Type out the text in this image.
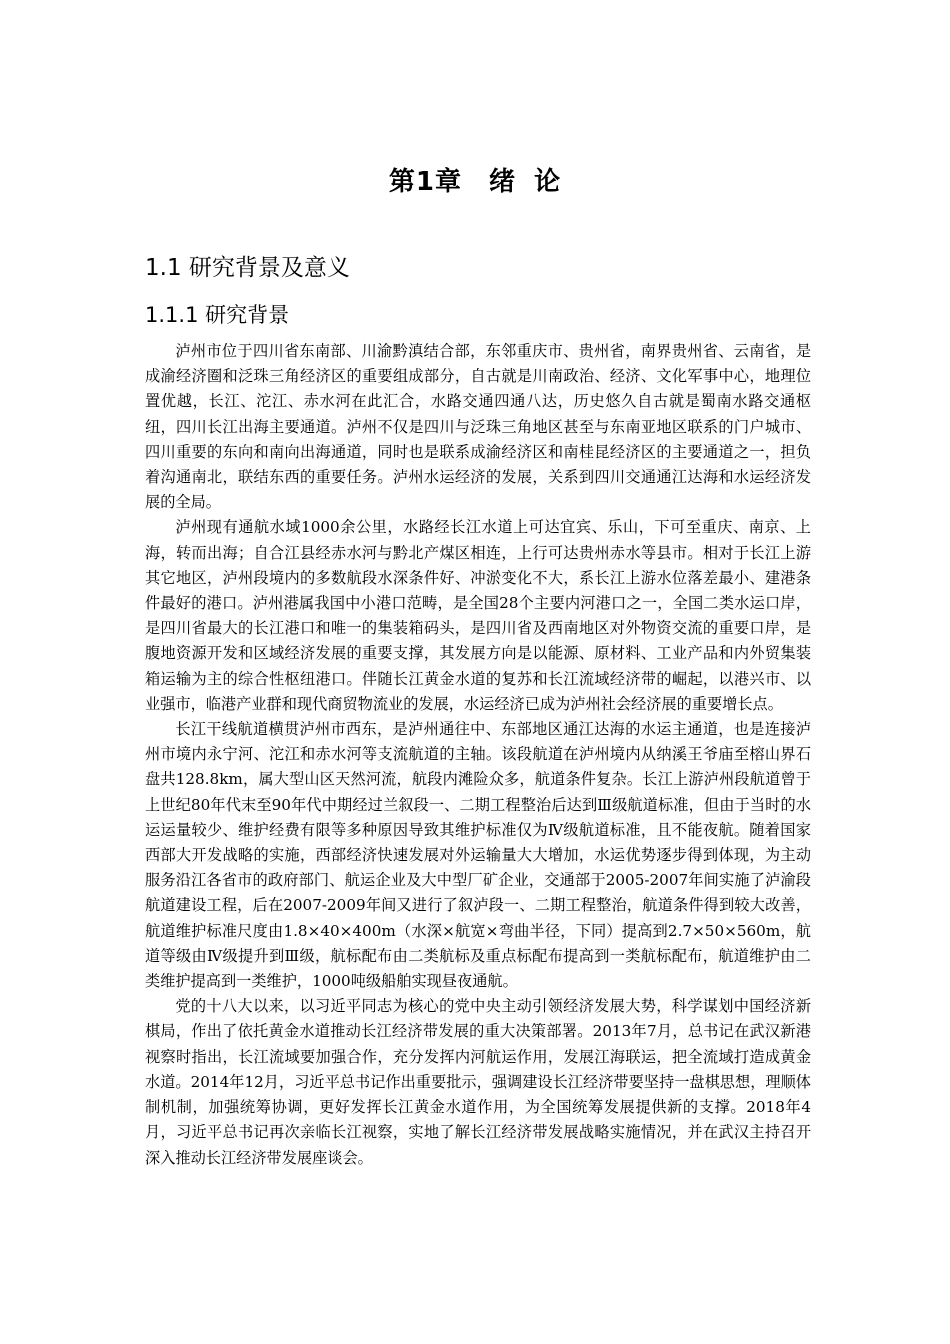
第1章　绪 论
1.1 研究背景及意义
1.1.1 研究背景

泸州市位于四川省东南部、川渝黔滇结合部，东邻重庆市、贵州省，南界贵州省、云南省，是成渝经济圈和泛珠三角经济区的重要组成部分，自古就是川南政治、经济、文化军事中心，地理位置优越，长江、沱江、赤水河在此汇合，水路交通四通八达，历史悠久自古就是蜀南水路交通枢纽，四川长江出海主要通道。泸州不仅是四川与泛珠三角地区甚至与东南亚地区联系的门户城市、四川重要的东向和南向出海通道，同时也是联系成渝经济区和南桂昆经济区的主要通道之一，担负着沟通南北，联结东西的重要任务。泸州水运经济的发展，关系到四川交通通江达海和水运经济发展的全局。

泸州现有通航水域1000余公里，水路经长江水道上可达宜宾、乐山，下可至重庆、南京、上海，转而出海；自合江县经赤水河与黔北产煤区相连，上行可达贵州赤水等县市。相对于长江上游其它地区，泸州段境内的多数航段水深条件好、冲淤变化不大，系长江上游水位落差最小、建港条件最好的港口。泸州港属我国中小港口范畴，是全国28个主要内河港口之一，全国二类水运口岸，是四川省最大的长江港口和唯一的集装箱码头，是四川省及西南地区对外物资交流的重要口岸，是腹地资源开发和区域经济发展的重要支撑，其发展方向是以能源、原材料、工业产品和内外贸集装箱运输为主的综合性枢纽港口。伴随长江黄金水道的复苏和长江流域经济带的崛起，以港兴市、以业强市，临港产业群和现代商贸物流业的发展，水运经济已成为泸州社会经济展的重要增长点。

长江干线航道横贯泸州市西东，是泸州通往中、东部地区通江达海的水运主通道，也是连接泸州市境内永宁河、沱江和赤水河等支流航道的主轴。该段航道在泸州境内从纳溪王爷庙至榕山界石盘共128.8km，属大型山区天然河流，航段内滩险众多，航道条件复杂。长江上游泸州段航道曾于上世纪80年代末至90年代中期经过兰叙段一、二期工程整治后达到Ⅲ级航道标准，但由于当时的水运运量较少、维护经费有限等多种原因导致其维护标准仅为Ⅳ级航道标准，且不能夜航。随着国家西部大开发战略的实施，西部经济快速发展对外运输量大大增加，水运优势逐步得到体现，为主动服务沿江各省市的政府部门、航运企业及大中型厂矿企业，交通部于2005-2007年间实施了泸渝段航道建设工程，后在2007-2009年间又进行了叙泸段一、二期工程整治，航道条件得到较大改善，航道维护标准尺度由1.8×40×400m（水深×航宽×弯曲半径，下同）提高到2.7×50×560m，航道等级由Ⅳ级提升到Ⅲ级，航标配布由二类航标及重点标配布提高到一类航标配布，航道维护由二类维护提高到一类维护，1000吨级船舶实现昼夜通航。

党的十八大以来，以习近平同志为核心的党中央主动引领经济发展大势，科学谋划中国经济新棋局，作出了依托黄金水道推动长江经济带发展的重大决策部署。2013年7月，总书记在武汉新港视察时指出，长江流域要加强合作，充分发挥内河航运作用，发展江海联运，把全流域打造成黄金水道。2014年12月，习近平总书记作出重要批示，强调建设长江经济带要坚持一盘棋思想，理顺体制机制，加强统筹协调，更好发挥长江黄金水道作用，为全国统筹发展提供新的支撑。2018年4月，习近平总书记再次亲临长江视察，实地了解长江经济带发展战略实施情况，并在武汉主持召开深入推动长江经济带发展座谈会。
